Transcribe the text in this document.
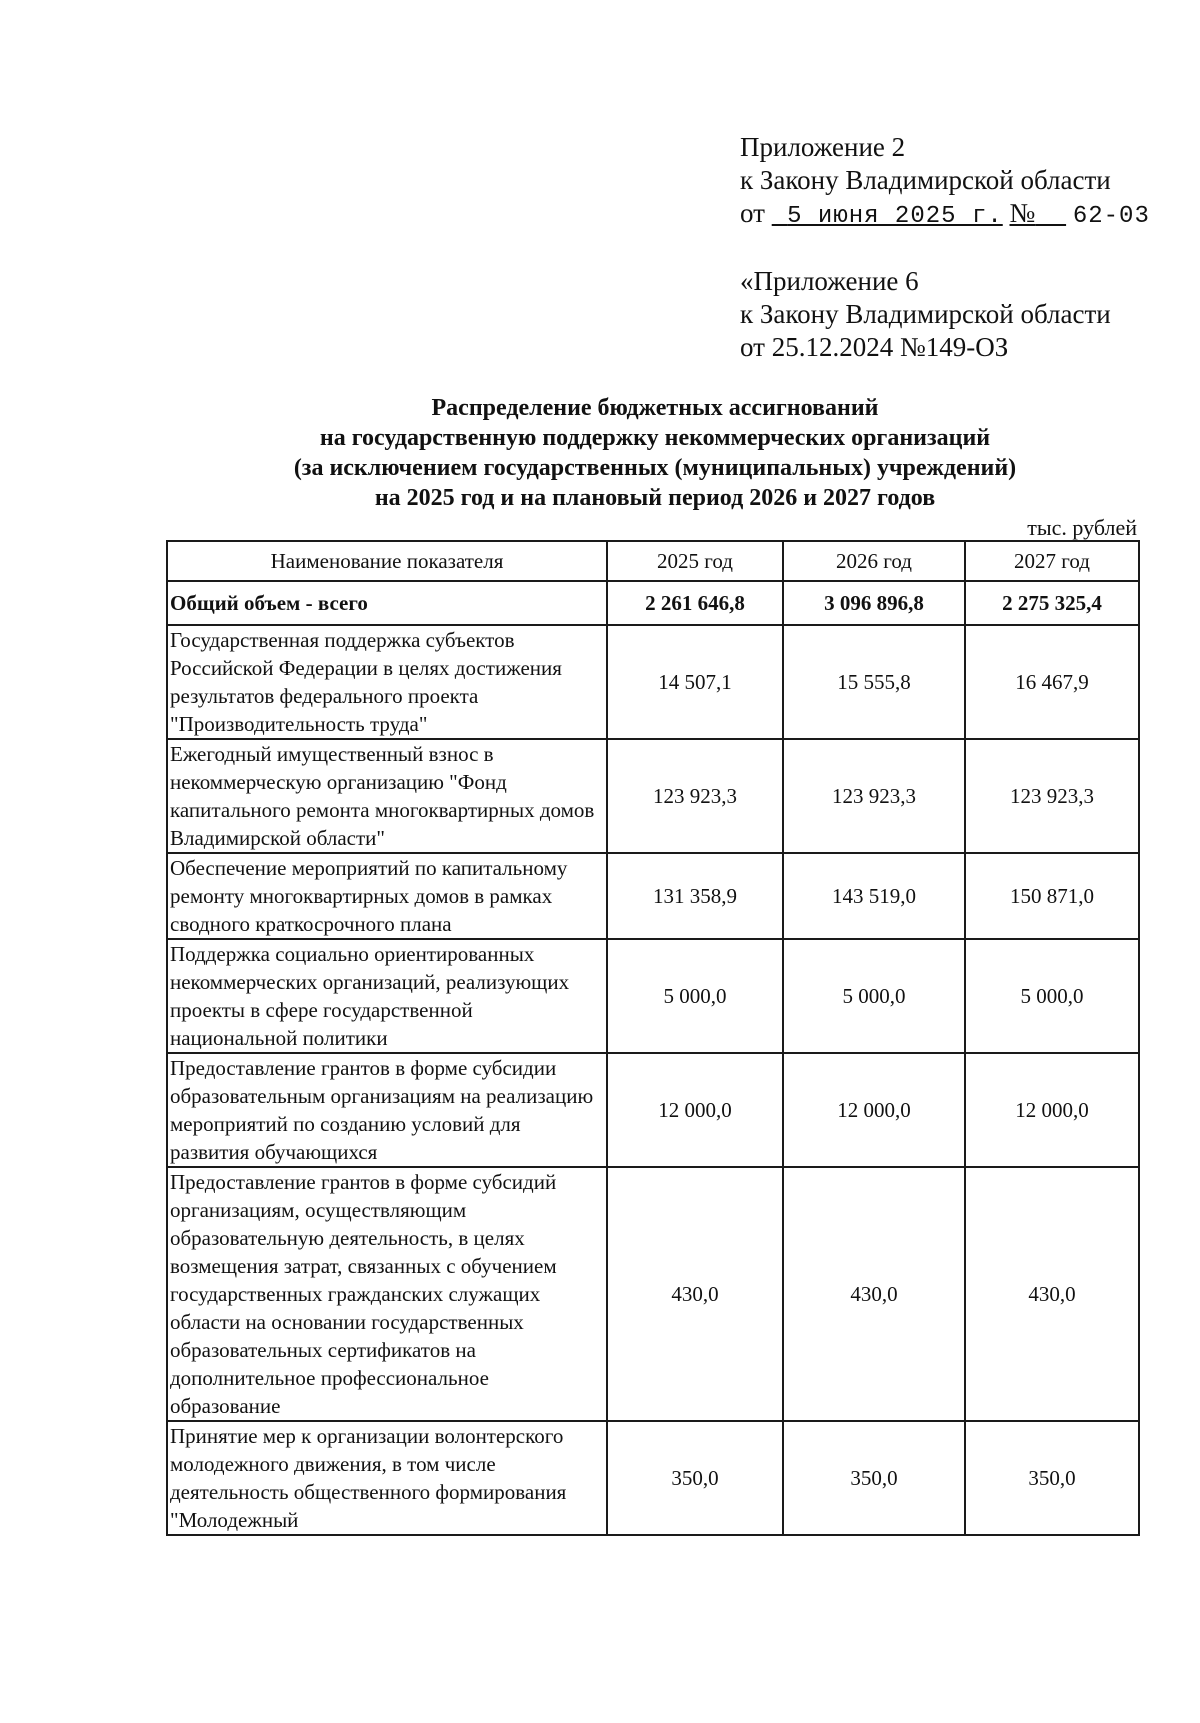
Приложение 2
к Закону Владимирской области
от 5 июня 2025 г. № 62-03
«Приложение 6
к Закону Владимирской области
от 25.12.2024 №149-ОЗ
Распределение бюджетных ассигнований
на государственную поддержку некоммерческих организаций
(за исключением государственных (муниципальных) учреждений)
на 2025 год и на плановый период 2026 и 2027 годов
тыс. рублей
Наименование показателя	2025 год	2026 год	2027 год
Общий объем - всего	2 261 646,8	3 096 896,8	2 275 325,4
Государственная поддержка субъектов Российской Федерации в целях достижения результатов федерального проекта "Производительность труда"	14 507,1	15 555,8	16 467,9
Ежегодный имущественный взнос в некоммерческую организацию "Фонд капитального ремонта многоквартирных домов Владимирской области"	123 923,3	123 923,3	123 923,3
Обеспечение мероприятий по капитальному ремонту многоквартирных домов в рамках сводного краткосрочного плана	131 358,9	143 519,0	150 871,0
Поддержка социально ориентированных некоммерческих организаций, реализующих проекты в сфере государственной национальной политики	5 000,0	5 000,0	5 000,0
Предоставление грантов в форме субсидии образовательным организациям на реализацию мероприятий по созданию условий для развития обучающихся	12 000,0	12 000,0	12 000,0
Предоставление грантов в форме субсидий организациям, осуществляющим образовательную деятельность, в целях возмещения затрат, связанных с обучением государственных гражданских служащих области на основании государственных образовательных сертификатов на дополнительное профессиональное образование	430,0	430,0	430,0
Принятие мер к организации волонтерского молодежного движения, в том числе деятельность общественного формирования "Молодежный	350,0	350,0	350,0
